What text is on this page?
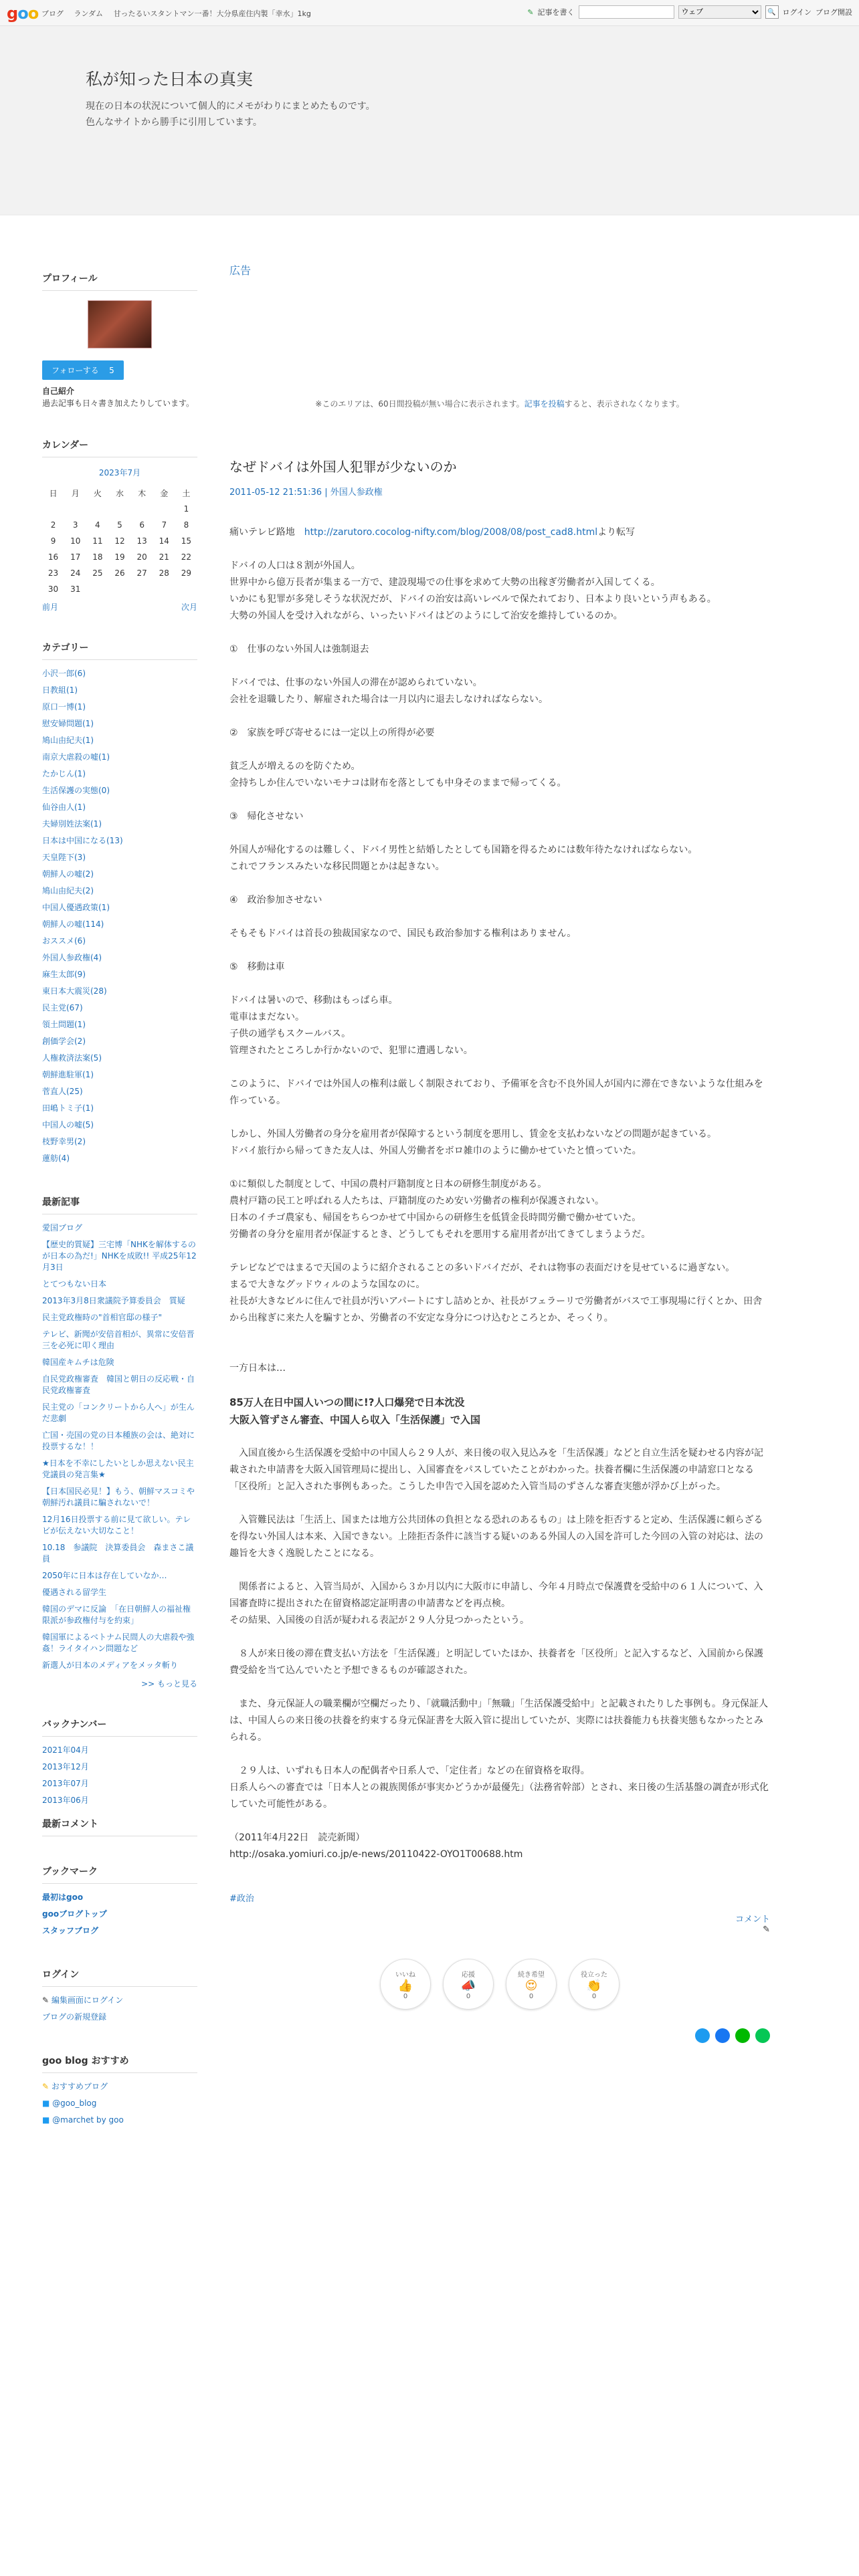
goo ブログ ランダム 甘ったるいスタントマン一番！大分県産住内製「幸水」1kg	✎ 記事を書く
ウェブ	🔍 ログイン ブログ開設
私が知った日本の真実
現在の日本の状況について個人的にメモがわりにまとめたものです。
色んなサイトから勝手に引用しています。
プロフィール
フォローする 5
自己紹介
過去記事も日々書き加えたりしています。
カレンダー
2023年7月
日	月	火	水	木	金	土
						1
2	3	4	5	6	7	8
9	10	11	12	13	14	15
16	17	18	19	20	21	22
23	24	25	26	27	28	29
30	31					
前月	次月
カテゴリー
小沢一郎(6)
日教組(1)
原口一博(1)
慰安婦問題(1)
鳩山由紀夫(1)
南京大虐殺の嘘(1)
たかじん(1)
生活保護の実態(0)
仙谷由人(1)
夫婦別姓法案(1)
日本は中国になる(13)
天皇陛下(3)
朝鮮人の嘘(2)
鳩山由紀夫(2)
中国人優遇政策(1)
朝鮮人の嘘(114)
おススメ(6)
外国人参政権(4)
麻生太郎(9)
東日本大震災(28)
民主党(67)
領土問題(1)
創価学会(2)
人権救済法案(5)
朝鮮進駐軍(1)
菅直人(25)
田嶋トミ子(1)
中国人の嘘(5)
枝野幸男(2)
蓮舫(4)
最新記事
愛国ブログ
【歴史的質疑】三宅博「NHKを解体するのが日本の為だ!」NHKを成敗!! 平成25年12月3日
とてつもない日本
2013年3月8日衆議院予算委員会　質疑
民主党政権時の"首相官邸の様子"
テレビ、新聞が安倍首相が、異常に安倍晋三を必死に叩く理由
韓国産キムチは危険
自民党政権審査　韓国と朝日の反応戦・自民党政権審査
民主党の「コンクリートから人へ」が生んだ悲劇
亡国・売国の党の日本種族の会は、絶対に投票するな！！
★日本を不幸にしたいとしか思えない民主党議員の発言集★
【日本国民必見！】もう、朝鮮マスコミや朝鮮汚れ議員に騙されないで！
12月16日投票する前に見て欲しい。テレビが伝えない大切なこと！
10.18　参議院　決算委員会　森まさこ議員
2050年に日本は存在していなか…
優遇される留学生
韓国のデマに反論　「在日朝鮮人の福祉権限派が参政権付与を約束」
韓国軍によるベトナム民間人の大虐殺や強姦！ライタイハン問題など
新選人が日本のメディアをメッタ斬り
>> もっと見る
バックナンバー
2021年04月
2013年12月
2013年07月
2013年06月
最新コメント
ブックマーク
最初はgoo
gooブログトップ
スタッフブログ
ログイン
✎ 編集画面にログイン
ブログの新規登録
goo blog おすすめ
✎ おすすめブログ
■ @goo_blog
■ @marchet by goo
広告
※このエリアは、60日間投稿が無い場合に表示されます。記事を投稿すると、表示されなくなります。
なぜドバイは外国人犯罪が少ないのか
2011-05-12 21:51:36 | 外国人参政権

痛いテレビ路地　http://zarutoro.cocolog-nifty.com/blog/2008/08/post_cad8.htmlより転写

ドバイの人口は８割が外国人。

世界中から億万長者が集まる一方で、建設現場での仕事を求めて大勢の出稼ぎ労働者が入国してくる。

いかにも犯罪が多発しそうな状況だが、ドバイの治安は高いレベルで保たれており、日本より良いという声もある。

大勢の外国人を受け入れながら、いったいドバイはどのようにして治安を維持しているのか。

①　仕事のない外国人は強制退去

ドバイでは、仕事のない外国人の滞在が認められていない。

会社を退職したり、解雇された場合は一月以内に退去しなければならない。

②　家族を呼び寄せるには一定以上の所得が必要

貧乏人が増えるのを防ぐため。

金持ちしか住んでいないモナコは財布を落としても中身そのままで帰ってくる。

③　帰化させない

外国人が帰化するのは難しく、ドバイ男性と結婚したとしても国籍を得るためには数年待たなければならない。

これでフランスみたいな移民問題とかは起きない。

④　政治参加させない

そもそもドバイは首長の独裁国家なので、国民も政治参加する権利はありません。

⑤　移動は車

ドバイは暑いので、移動はもっぱら車。

電車はまだない。

子供の通学もスクールバス。

管理されたところしか行かないので、犯罪に遭遇しない。

このように、ドバイでは外国人の権利は厳しく制限されており、予備軍を含む不良外国人が国内に滞在できないような仕組みを作っている。

しかし、外国人労働者の身分を雇用者が保障するという制度を悪用し、賃金を支払わないなどの問題が起きている。

ドバイ旅行から帰ってきた友人は、外国人労働者をボロ雑巾のように働かせていたと憤っていた。

①に類似した制度として、中国の農村戸籍制度と日本の研修生制度がある。

農村戸籍の民工と呼ばれる人たちは、戸籍制度のため安い労働者の権利が保護されない。

日本のイチゴ農家も、帰国をちらつかせて中国からの研修生を低賃金長時間労働で働かせていた。

労働者の身分を雇用者が保証するとき、どうしてもそれを悪用する雇用者が出てきてしまうようだ。

テレビなどではまるで天国のように紹介されることの多いドバイだが、それは物事の表面だけを見せているに過ぎない。

まるで大きなグッドウィルのような国なのに。

社長が大きなビルに住んで社員が汚いアパートにすし詰めとか、社長がフェラーリで労働者がバスで工事現場に行くとか、田舎から出稼ぎに来た人を騙すとか、労働者の不安定な身分につけ込むところとか、そっくり。

一方日本は…

85万人在日中国人いつの間に!?人口爆発で日本沈没
大阪入管ずさん審査、中国人ら収入「生活保護」で入国

　入国直後から生活保護を受給中の中国人ら２９人が、来日後の収入見込みを「生活保護」などと自立生活を疑わせる内容が記載された申請書を大阪入国管理局に提出し、入国審査をパスしていたことがわかった。扶養者欄に生活保護の申請窓口となる「区役所」と記入された事例もあった。こうした申告で入国を認めた入管当局のずさんな審査実態が浮かび上がった。

　入管難民法は「生活上、国または地方公共団体の負担となる恐れのあるもの」は上陸を拒否すると定め、生活保護に頼らざるを得ない外国人は本来、入国できない。上陸拒否条件に該当する疑いのある外国人の入国を許可した今回の入管の対応は、法の趣旨を大きく逸脱したことになる。

　関係者によると、入管当局が、入国から３か月以内に大阪市に申請し、今年４月時点で保護費を受給中の６１人について、入国審査時に提出された在留資格認定証明書の申請書などを再点検。

その結果、入国後の自活が疑われる表記が２９人分見つかったという。

　８人が来日後の滞在費支払い方法を「生活保護」と明記していたほか、扶養者を「区役所」と記入するなど、入国前から保護費受給を当て込んでいたと予想できるものが確認された。

　また、身元保証人の職業欄が空欄だったり、「就職活動中」「無職」「生活保護受給中」と記載されたりした事例も。身元保証人は、中国人らの来日後の扶養を約束する身元保証書を大阪入管に提出していたが、実際には扶養能力も扶養実態もなかったとみられる。

　２９人は、いずれも日本人の配偶者や日系人で、「定住者」などの在留資格を取得。

日系人らへの審査では「日本人との親族関係が事実かどうかが最優先」（法務省幹部）とされ、来日後の生活基盤の調査が形式化していた可能性がある。

（2011年4月22日　読売新聞）

http://osaka.yomiuri.co.jp/e-news/20110422-OYO1T00688.htm

#政治
コメント
✎
いいね
👍
0
応援
📣
0
続き希望
😍
0
役立った
👏
0
